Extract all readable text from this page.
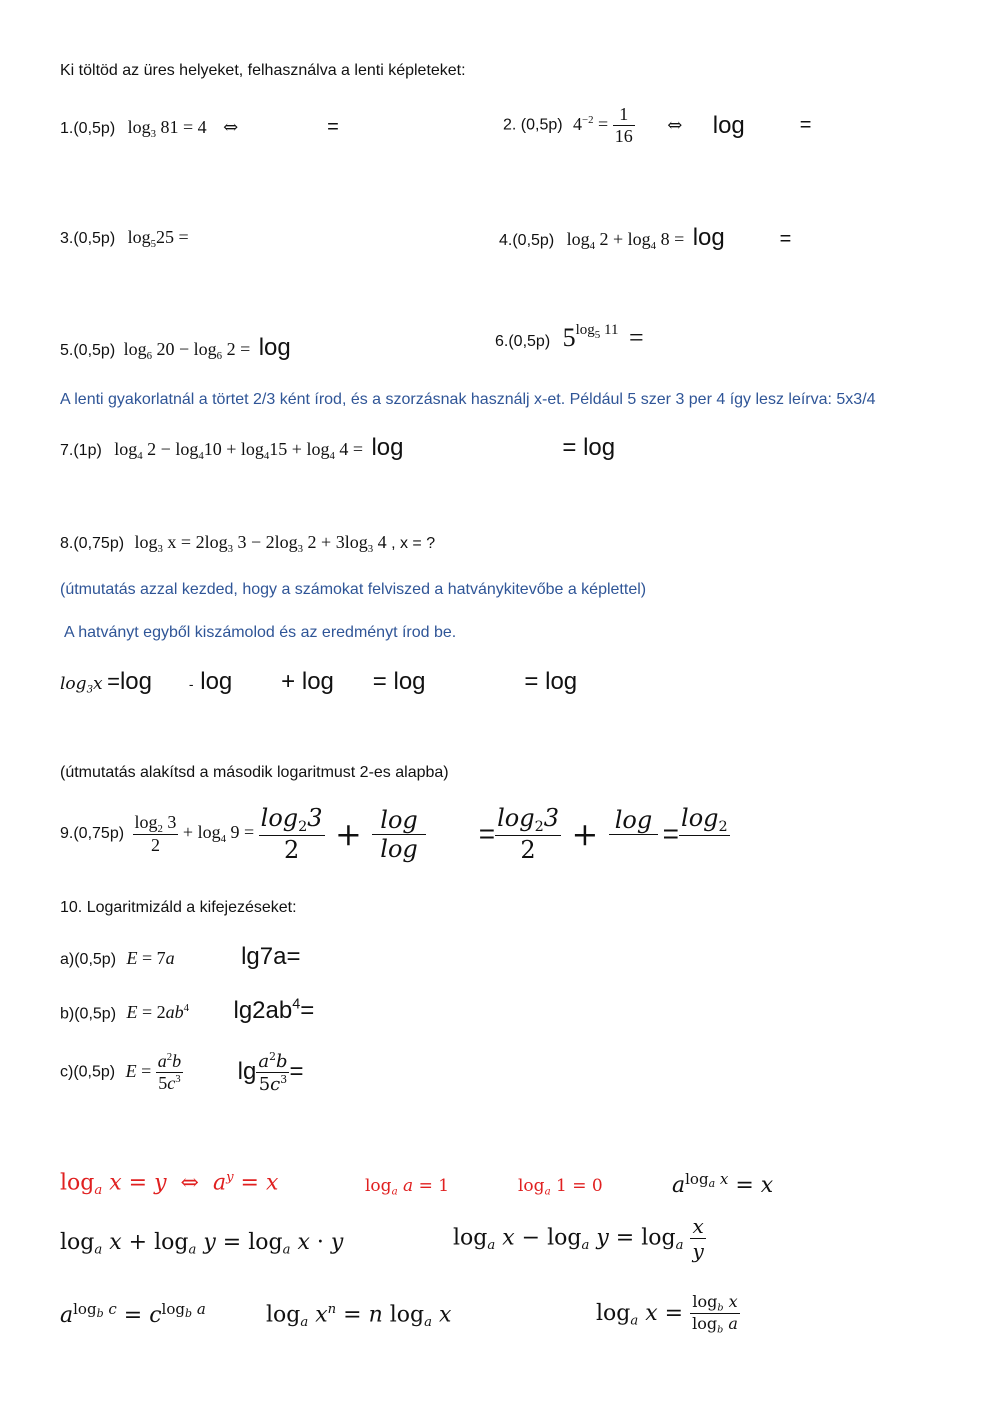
Ki töltöd az üres helyeket, felhasználva a lenti képleteket:
1.(0,5p) $\log_3 81 = 4$ ⇔	=	2. (0,5p) $4^{-2} = \frac{1}{16}$ ⇔ log	=
3.(0,5p) $\log_525$ =	4.(0,5p) $\log_4 2 + \log_4 8 = \log$	=
5.(0,5p) $\log_6 20 - \log_6 2 = \log$	6.(0,5p) $5^{log_5 11}$ =
A lenti gyakorlatnál a törtet 2/3 ként írod, és a szorzásnak használj x-et. Például 5 szer 3 per 4 így lesz leírva: 5x3/4
7.(1p) $\log_4 2 - \log_410 + \log_415 + \log_4 4 = \log$	= log
8.(0,75p) $\log_3 x = 2\log_3$ $3 - 2\log_3$ $2 + 3\log_3$ 4 , x = ?
(útmutatás azzal kezded, hogy a számokat felviszed a hatványkitevőbe a képlettel)
A hatványt egyből kiszámolod és az eredményt írod be.
$\log_3x =\log$	- log + log = log	= log
(útmutatás alakítsd a második logaritmust 2-es alapba)
$9.(0,75p) \frac{\log_2 3}{2} + \log_4 9 = \frac{\log_23}{2} + \frac{\log}{\log} = \frac{\log_23}{2} + \log$ =
$\log_2$
10. Logaritmizáld a kifejezéseket:
a)(0,5p) E = 7a	lg7a=
b)(0,5p) $E = 2ab^4$ $\lg 2ab^4=$
c)(0,5p) $E = \frac{a^2b}{5c^3}$ $\lg \frac{a^2b}{5c^3}$ =
$\log_a x = y$  ⇔  $a^y = x$	$\log_a a = 1$	$\log_a 1 = 0$	$a^{log_a x} = x$
$\log_a x + \log_a y = \log_a x \cdot y$	$\log_a x - \log_a y = \log_a \frac{x}{y}$
$a^{log_b c} = c^{log_b a}$	$\log_a x^n = n$ $\log_a x$	$\log_a x = \frac{\log_b x}{\log_b a}$
